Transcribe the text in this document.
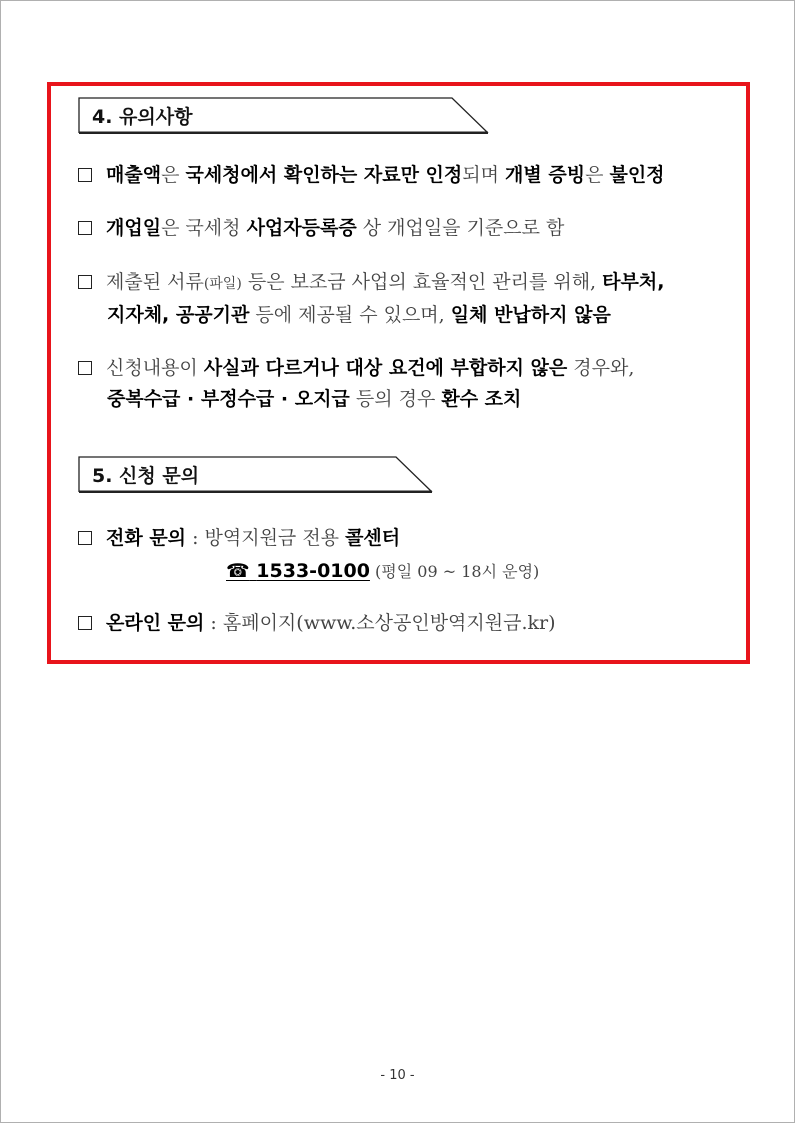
4. 유의사항
매출액은 국세청에서 확인하는 자료만 인정되며 개별 증빙은 불인정
개업일은 국세청 사업자등록증 상 개업일을 기준으로 함
제출된 서류(파일) 등은 보조금 사업의 효율적인 관리를 위해, 타부처,
지자체, 공공기관 등에 제공될 수 있으며, 일체 반납하지 않음
신청내용이 사실과 다르거나 대상 요건에 부합하지 않은 경우와,
중복수급 · 부정수급 · 오지급 등의 경우 환수 조치
5. 신청 문의
전화 문의 : 방역지원금 전용 콜센터
☎ 1533-0100 (평일 09 ~ 18시 운영)
온라인 문의 : 홈페이지(www.소상공인방역지원금.kr)
- 10 -
